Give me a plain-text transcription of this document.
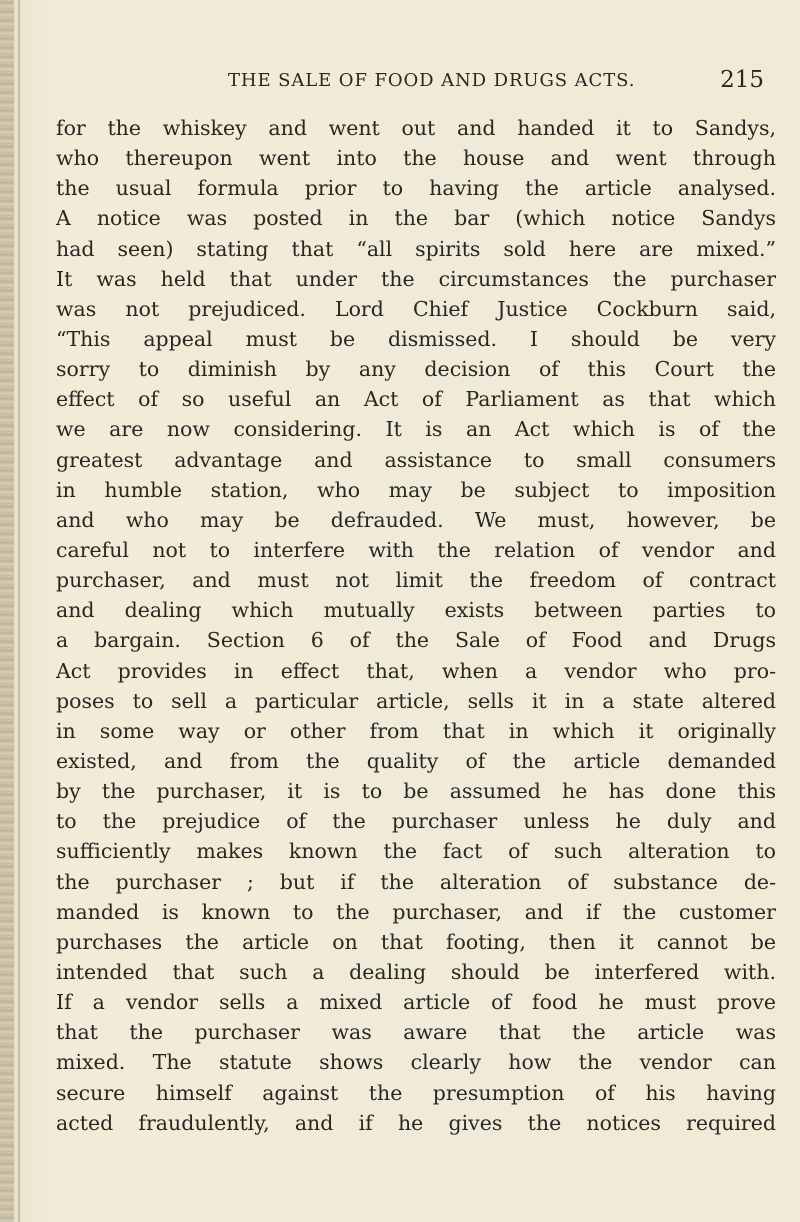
THE SALE OF FOOD AND DRUGS ACTS.	215
for the whiskey and went out and handed it to Sandys,
who thereupon went into the house and went through
the usual formula prior to having the article analysed.
A notice was posted in the bar (which notice Sandys
had seen) stating that “all spirits sold here are mixed.”
It was held that under the circumstances the purchaser
was not prejudiced. Lord Chief Justice Cockburn said,
“This appeal must be dismissed. I should be very
sorry to diminish by any decision of this Court the
effect of so useful an Act of Parliament as that which
we are now considering. It is an Act which is of the
greatest advantage and assistance to small consumers
in humble station, who may be subject to imposition
and who may be defrauded. We must, however, be
careful not to interfere with the relation of vendor and
purchaser, and must not limit the freedom of contract
and dealing which mutually exists between parties to
a bargain. Section 6 of the Sale of Food and Drugs
Act provides in effect that, when a vendor who pro-
poses to sell a particular article, sells it in a state altered
in some way or other from that in which it originally
existed, and from the quality of the article demanded
by the purchaser, it is to be assumed he has done this
to the prejudice of the purchaser unless he duly and
sufficiently makes known the fact of such alteration to
the purchaser ; but if the alteration of substance de-
manded is known to the purchaser, and if the customer
purchases the article on that footing, then it cannot be
intended that such a dealing should be interfered with.
If a vendor sells a mixed article of food he must prove
that the purchaser was aware that the article was
mixed. The statute shows clearly how the vendor can
secure himself against the presumption of his having
acted fraudulently, and if he gives the notices required
